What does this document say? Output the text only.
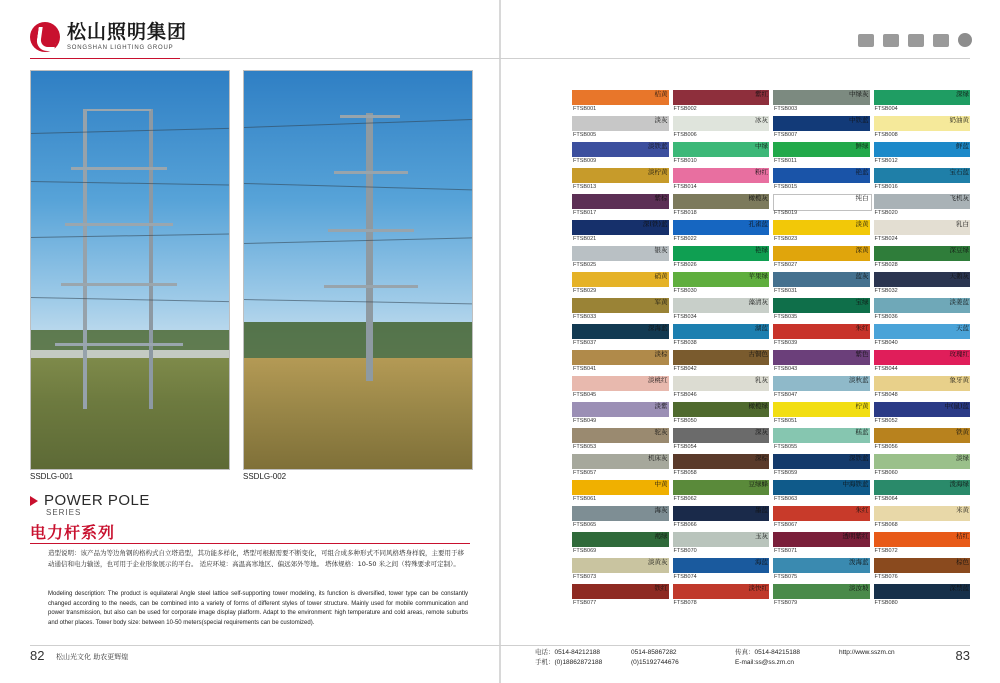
松山照明集团
SONGSHAN LIGHTING GROUP
SSDLG-001	SSDLG-002
POWER POLE
SERIES
电力杆系列
造型说明：该产品为等边角钢的格构式自立塔造型，其功能多样化，塔型可根据需要不断变化，可组合成多种形式不同风格塔身样貌，主要用于移动通信和电力输送，也可用于企业形象展示的平台。 适应环境：高温高寒地区、偏远郊外等地。 塔体规格：10-50 米之间（特殊要求可定制）。
Modeling description: The product is equilateral Angle steel lattice self-supporting tower modeling, its function is diversified, tower type can be constantly changed according to the needs, can be combined into a variety of forms of different styles of tower structure. Mainly used for mobile communication and power transmission, but also can be used for corporate image display platform. Adapt to the environment: high temperature and cold areas, remote suburbs and other places. Tower body size: between 10-50 meters(special requirements can be customized).
桔黄
FTSB001
紫红
FTSB002
中绿灰
FTSB003
深绿
FTSB004
淡灰
FTSB005
冰灰
FTSB006
中铁蓝
FTSB007
奶油黄
FTSB008
淡铁蓝
FTSB009
中绿
FTSB010
鲜绿
FTSB011
鲜蓝
FTSB012
淡柠黄
FTSB013
粉红
FTSB014
艳蓝
FTSB015
宝石蓝
FTSB016
紫棕
FTSB017
橄榄灰
FTSB018
纯白
FTSB019
飞机灰
FTSB020
深(铁)蓝
FTSB021
孔雀蓝
FTSB022
淡黄
FTSB023
乳白
FTSB024
银灰
FTSB025
艳绿
FTSB026
深黄
FTSB027
深豆绿
FTSB028
硝黄
FTSB029
苹果绿
FTSB030
蓝灰
FTSB031
天鹅灰
FTSB032
军黄
FTSB033
藻清灰
FTSB034
宝绿
FTSB035
淡姜蓝
FTSB036
深海蓝
FTSB037
湖蓝
FTSB038
朱红
FTSB039
天蓝
FTSB040
淡棕
FTSB041
古铜色
FTSB042
紫色
FTSB043
玫瑰红
FTSB044
淡桃红
FTSB045
乳灰
FTSB046
淡秋蓝
FTSB047
象牙黄
FTSB048
淡紫
FTSB049
橄榄绿
FTSB050
柠黄
FTSB051
中(鼠)蓝
FTSB052
驼灰
FTSB053
深灰
FTSB054
糕蓝
FTSB055
铁黄
FTSB056
机床灰
FTSB057
深棕
FTSB058
深铁蓝
FTSB059
淡绿
FTSB060
中黄
FTSB061
豆绿蜂
FTSB062
中海铁蓝
FTSB063
泼海绿
FTSB064
海灰
FTSB065
墨蓝
FTSB066
朱红
FTSB067
米黄
FTSB068
褐绿
FTSB069
玉灰
FTSB070
透明紫红
FTSB071
桔红
FTSB072
淡黄灰
FTSB073
海蓝
FTSB074
泼海蓝
FTSB075
棕色
FTSB076
铁红
FTSB077
淡快红
FTSB078
淡汝坡
FTSB079
深禁蓝
FTSB080
82 松山光文化 助农更辉煌	83
电话：0514-84212188	0514-85867282	传真：0514-84215188	http://www.sszm.cn
手机：(0)18862872188	(0)15192744676	E-mail:ss@ss.zm.cn
